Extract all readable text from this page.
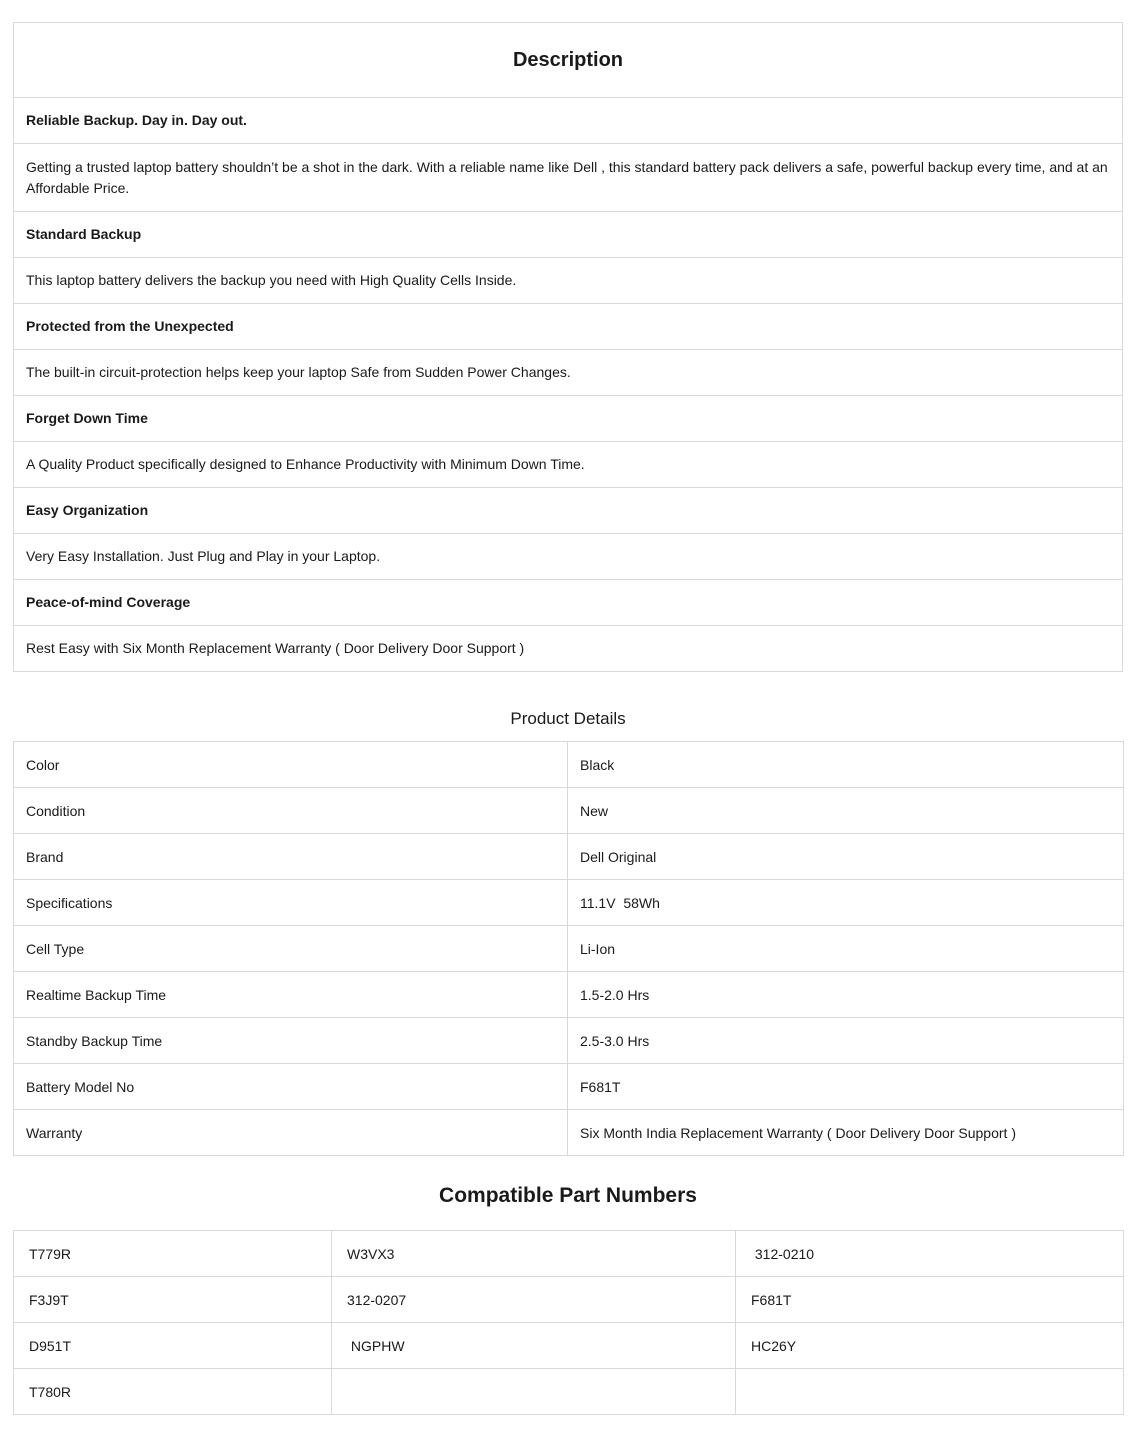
Description
Reliable Backup. Day in. Day out.
Getting a trusted laptop battery shouldn’t be a shot in the dark. With a reliable name like Dell , this standard battery pack delivers a safe, powerful backup every time, and at an Affordable Price.
Standard Backup
This laptop battery delivers the backup you need with High Quality Cells Inside.
Protected from the Unexpected
The built-in circuit-protection helps keep your laptop Safe from Sudden Power Changes.
Forget Down Time
A Quality Product specifically designed to Enhance Productivity with Minimum Down Time.
Easy Organization
Very Easy Installation. Just Plug and Play in your Laptop.
Peace-of-mind Coverage
Rest Easy with Six Month Replacement Warranty ( Door Delivery Door Support )
Product Details
Color	Black
Condition	New
Brand	Dell Original
Specifications	11.1V  58Wh
Cell Type	Li-Ion
Realtime Backup Time	1.5-2.0 Hrs
Standby Backup Time	2.5-3.0 Hrs
Battery Model No	F681T
Warranty	Six Month India Replacement Warranty ( Door Delivery Door Support )
Compatible Part Numbers
T779R	W3VX3	312-0210
F3J9T	312-0207	F681T
D951T	NGPHW	HC26Y
T780R		
